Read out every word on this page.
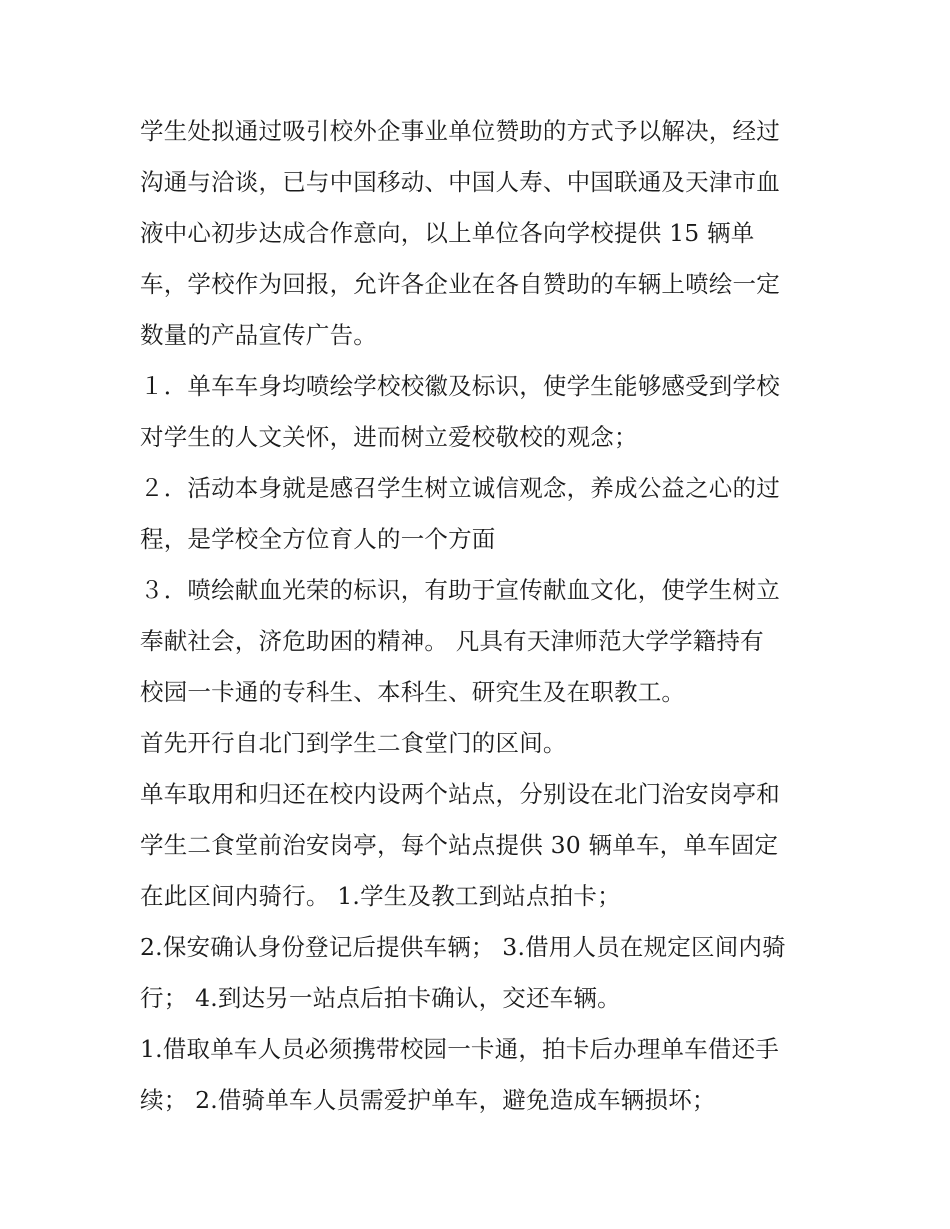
学生处拟通过吸引校外企事业单位赞助的方式予以解决，经过
沟通与洽谈，已与中国移动、中国人寿、中国联通及天津市血
液中心初步达成合作意向，以上单位各向学校提供 15 辆单
车，学校作为回报，允许各企业在各自赞助的车辆上喷绘一定
数量的产品宣传广告。
１．单车车身均喷绘学校校徽及标识，使学生能够感受到学校
对学生的人文关怀，进而树立爱校敬校的观念；
２．活动本身就是感召学生树立诚信观念，养成公益之心的过
程，是学校全方位育人的一个方面
３．喷绘献血光荣的标识，有助于宣传献血文化，使学生树立
奉献社会，济危助困的精神。 凡具有天津师范大学学籍持有
校园一卡通的专科生、本科生、研究生及在职教工。
首先开行自北门到学生二食堂门的区间。
单车取用和归还在校内设两个站点，分别设在北门治安岗亭和
学生二食堂前治安岗亭，每个站点提供 30 辆单车，单车固定
在此区间内骑行。 1.学生及教工到站点拍卡；
2.保安确认身份登记后提供车辆； 3.借用人员在规定区间内骑
行； 4.到达另一站点后拍卡确认，交还车辆。
1.借取单车人员必须携带校园一卡通，拍卡后办理单车借还手
续； 2.借骑单车人员需爱护单车，避免造成车辆损坏；
